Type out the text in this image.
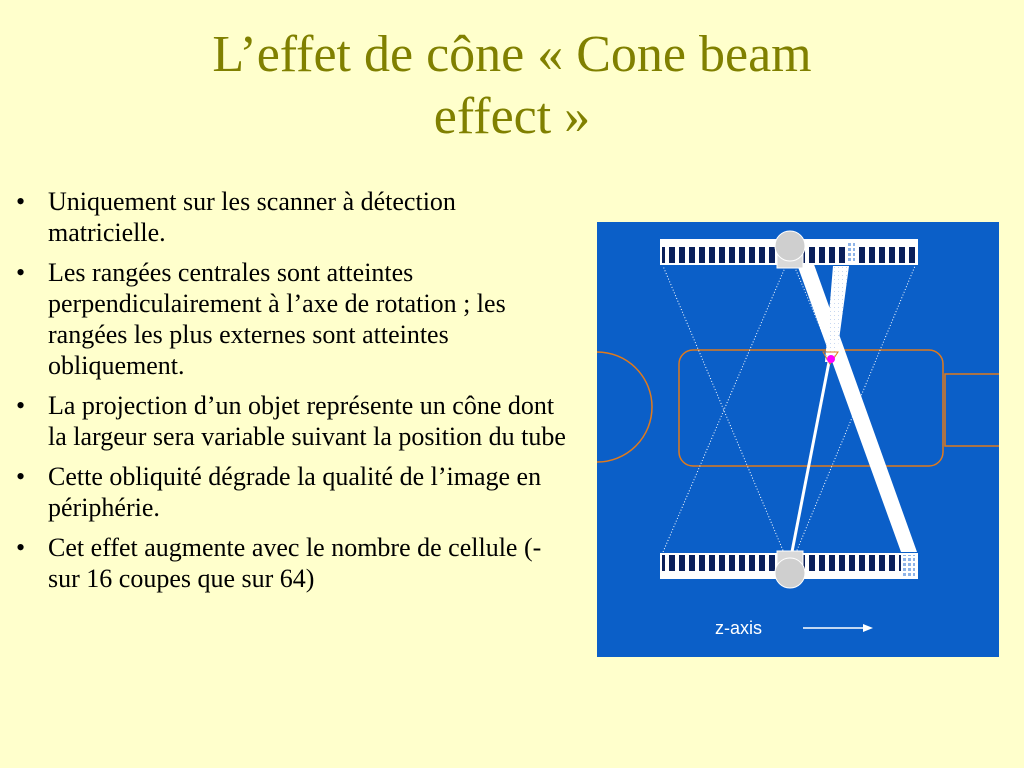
L’effet de cône « Cone beam
effect »
• Uniquement sur les scanner à détection matricielle.
• Les rangées centrales sont atteintes perpendiculairement à l’axe de rotation ; les rangées les plus externes sont atteintes obliquement.
• La projection d’un objet représente un cône dont la largeur sera variable suivant la position du tube
• Cette obliquité dégrade la qualité de l’image en périphérie.
• Cet effet augmente avec le nombre de cellule (- sur 16 coupes que sur 64)
z-axis
